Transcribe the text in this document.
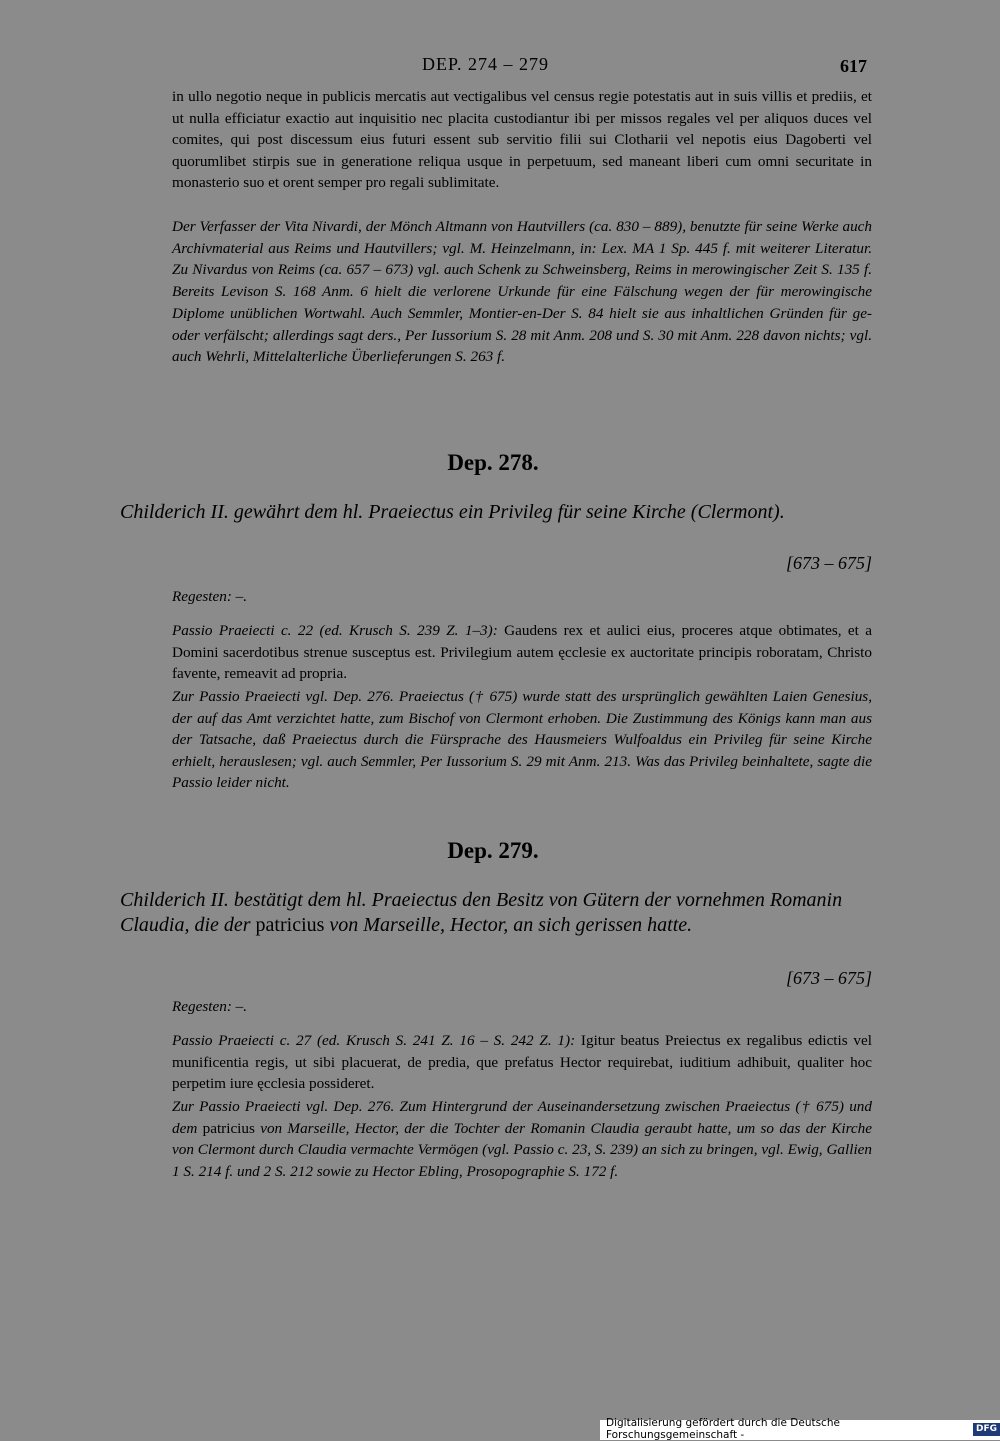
DEP. 274 – 279	617

in ullo negotio neque in publicis mercatis aut vectigalibus vel census regie potestatis aut in suis villis et prediis, et ut nulla efficiatur exactio aut inquisitio nec placita custodiantur ibi per missos regales vel per aliquos duces vel comites, qui post discessum eius futuri essent sub servitio filii sui Clotharii vel nepotis eius Dagoberti vel quorumlibet stirpis sue in generatione reliqua usque in perpetuum, sed maneant liberi cum omni securitate in monasterio suo et orent semper pro regali sublimitate.

Der Verfasser der Vita Nivardi, der Mönch Altmann von Hautvillers (ca. 830 – 889), benutzte für seine Werke auch Archivmaterial aus Reims und Hautvillers; vgl. M. Heinzelmann, in: Lex. MA 1 Sp. 445 f. mit weiterer Literatur. Zu Nivardus von Reims (ca. 657 – 673) vgl. auch Schenk zu Schweinsberg, Reims in merowingischer Zeit S. 135 f. Bereits Levison S. 168 Anm. 6 hielt die verlorene Urkunde für eine Fälschung wegen der für merowingische Diplome unüblichen Wortwahl. Auch Semmler, Montier-en-Der S. 84 hielt sie aus inhaltlichen Gründen für ge- oder verfälscht; allerdings sagt ders., Per Iussorium S. 28 mit Anm. 208 und S. 30 mit Anm. 228 davon nichts; vgl. auch Wehrli, Mittelalterliche Überlieferungen S. 263 f.

Dep. 278.
Childerich II. gewährt dem hl. Praeiectus ein Privileg für seine Kirche (Clermont).
[673 – 675]
Regesten: –.

Passio Praeiecti c. 22 (ed. Krusch S. 239 Z. 1–3): Gaudens rex et aulici eius, proceres atque obtimates, et a Domini sacerdotibus strenue susceptus est. Privilegium autem ęcclesie ex auctoritate principis roboratam, Christo favente, remeavit ad propria.

Zur Passio Praeiecti vgl. Dep. 276. Praeiectus († 675) wurde statt des ursprünglich gewählten Laien Genesius, der auf das Amt verzichtet hatte, zum Bischof von Clermont erhoben. Die Zustimmung des Königs kann man aus der Tatsache, daß Praeiectus durch die Fürsprache des Hausmeiers Wulfoaldus ein Privileg für seine Kirche erhielt, herauslesen; vgl. auch Semmler, Per Iussorium S. 29 mit Anm. 213. Was das Privileg beinhaltete, sagte die Passio leider nicht.

Dep. 279.
Childerich II. bestätigt dem hl. Praeiectus den Besitz von Gütern der vornehmen Romanin Claudia, die der patricius von Marseille, Hector, an sich gerissen hatte.
[673 – 675]
Regesten: –.

Passio Praeiecti c. 27 (ed. Krusch S. 241 Z. 16 – S. 242 Z. 1): Igitur beatus Preiectus ex regalibus edictis vel munificentia regis, ut sibi placuerat, de predia, que prefatus Hector requirebat, iuditium adhibuit, qualiter hoc perpetim iure ęcclesia possideret.

Zur Passio Praeiecti vgl. Dep. 276. Zum Hintergrund der Auseinandersetzung zwischen Praeiectus († 675) und dem patricius von Marseille, Hector, der die Tochter der Romanin Claudia geraubt hatte, um so das der Kirche von Clermont durch Claudia vermachte Vermögen (vgl. Passio c. 23, S. 239) an sich zu bringen, vgl. Ewig, Gallien 1 S. 214 f. und 2 S. 212 sowie zu Hector Ebling, Prosopographie S. 172 f.

Digitalisierung gefördert durch die Deutsche Forschungsgemeinschaft -
DFG
